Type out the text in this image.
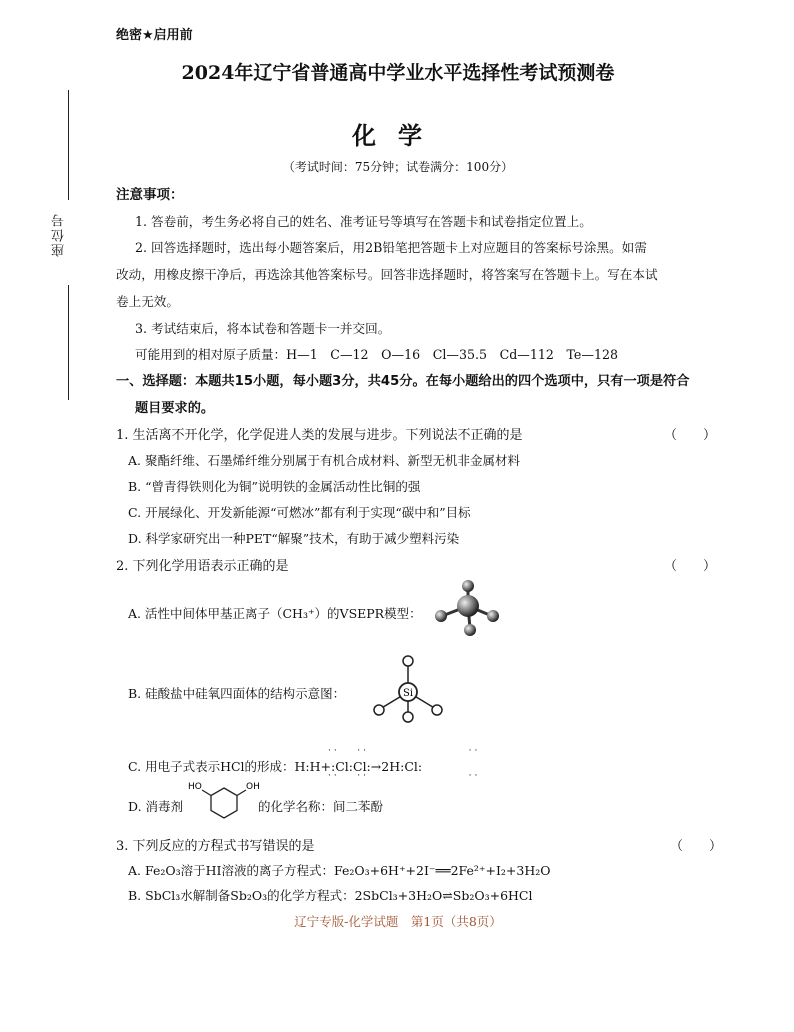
座位号
绝密★启用前
2024年辽宁省普通高中学业水平选择性考试预测卷
化学
（考试时间：75分钟；试卷满分：100分）
注意事项：
1. 答卷前，考生务必将自己的姓名、准考证号等填写在答题卡和试卷指定位置上。
2. 回答选择题时，选出每小题答案后，用2B铅笔把答题卡上对应题目的答案标号涂黑。如需
改动，用橡皮擦干净后，再选涂其他答案标号。回答非选择题时，将答案写在答题卡上。写在本试
卷上无效。
3. 考试结束后，将本试卷和答题卡一并交回。
可能用到的相对原子质量：H—1　C—12　O—16　Cl—35.5　Cd—112　Te—128
一、选择题：本题共15小题，每小题3分，共45分。在每小题给出的四个选项中，只有一项是符合
题目要求的。
1. 生活离不开化学，化学促进人类的发展与进步。下列说法不正确的是	（　　）
A. 聚酯纤维、石墨烯纤维分别属于有机合成材料、新型无机非金属材料
B. “曾青得铁则化为铜”说明铁的金属活动性比铜的强
C. 开展绿化、开发新能源“可燃冰”都有利于实现“碳中和”目标
D. 科学家研究出一种PET“解聚”技术，有助于减少塑料污染
2. 下列化学用语表示正确的是	（　　）
A. 活性中间体甲基正离子（CH₃⁺）的VSEPR模型：
B. 硅酸盐中硅氧四面体的结构示意图：	Si
··   ··                 ··
C. 用电子式表示HCl的形成：H:H+:Cl:Cl:→2H:Cl:
··   ··                 ··
D. 消毒剂　　　　　　的化学名称：间二苯酚
HO	OH
3. 下列反应的方程式书写错误的是	（　　）
A. Fe₂O₃溶于HI溶液的离子方程式：Fe₂O₃+6H⁺+2I⁻══2Fe²⁺+I₂+3H₂O
B. SbCl₃水解制备Sb₂O₃的化学方程式：2SbCl₃+3H₂O⇌Sb₂O₃+6HCl
辽宁专版-化学试题　第1页（共8页）
